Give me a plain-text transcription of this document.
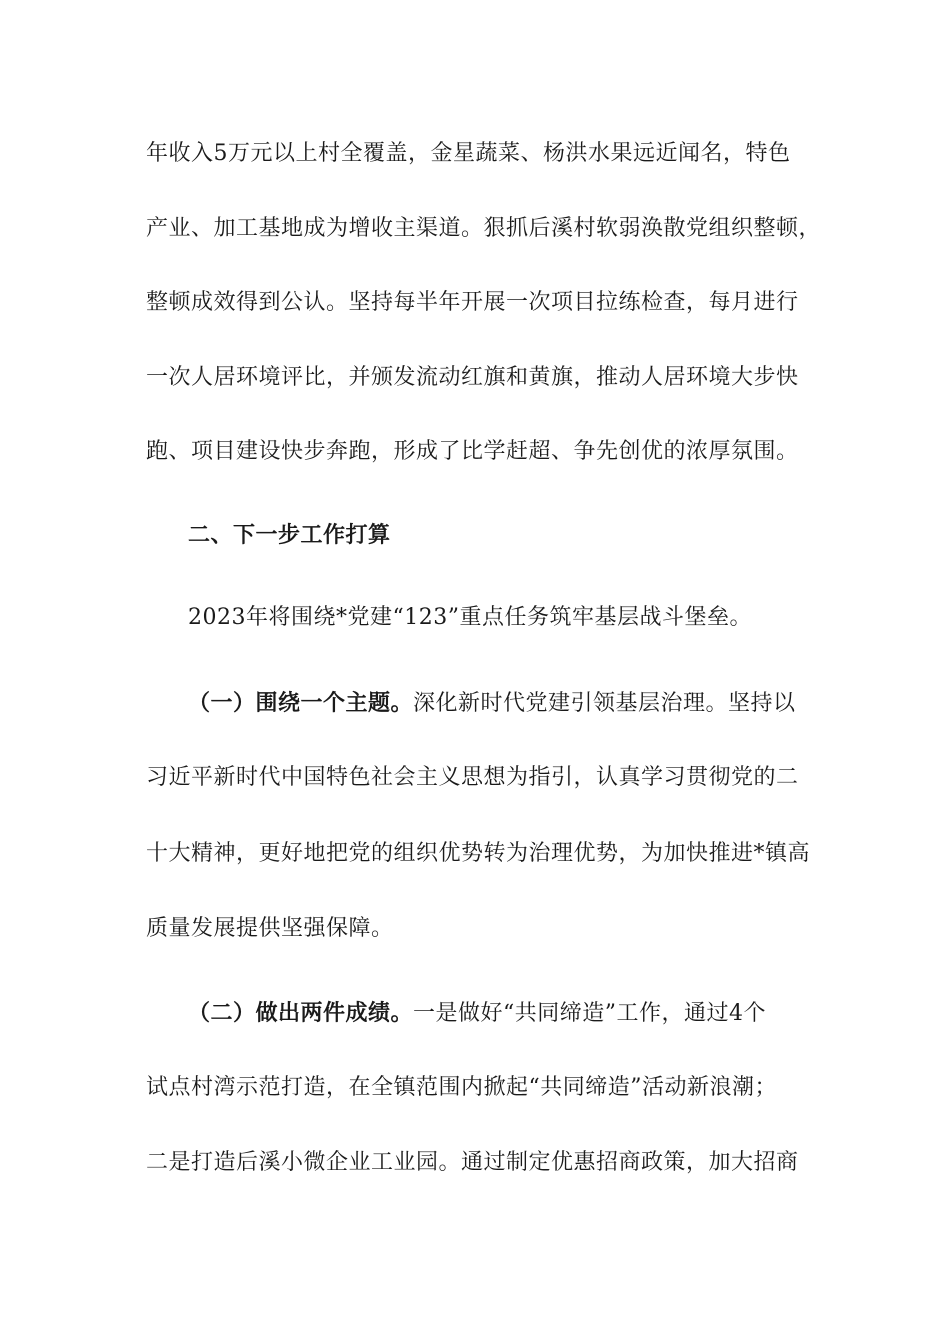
年收入5万元以上村全覆盖，金星蔬菜、杨洪水果远近闻名，特色
产业、加工基地成为增收主渠道。狠抓后溪村软弱涣散党组织整顿，
整顿成效得到公认。坚持每半年开展一次项目拉练检查，每月进行
一次人居环境评比，并颁发流动红旗和黄旗，推动人居环境大步快
跑、项目建设快步奔跑，形成了比学赶超、争先创优的浓厚氛围。
二、下一步工作打算
2023年将围绕*党建“123”重点任务筑牢基层战斗堡垒。
（一）围绕一个主题。深化新时代党建引领基层治理。坚持以
习近平新时代中国特色社会主义思想为指引，认真学习贯彻党的二
十大精神，更好地把党的组织优势转为治理优势，为加快推进*镇高
质量发展提供坚强保障。
（二）做出两件成绩。一是做好“共同缔造”工作，通过4个
试点村湾示范打造，在全镇范围内掀起“共同缔造”活动新浪潮；
二是打造后溪小微企业工业园。通过制定优惠招商政策，加大招商
